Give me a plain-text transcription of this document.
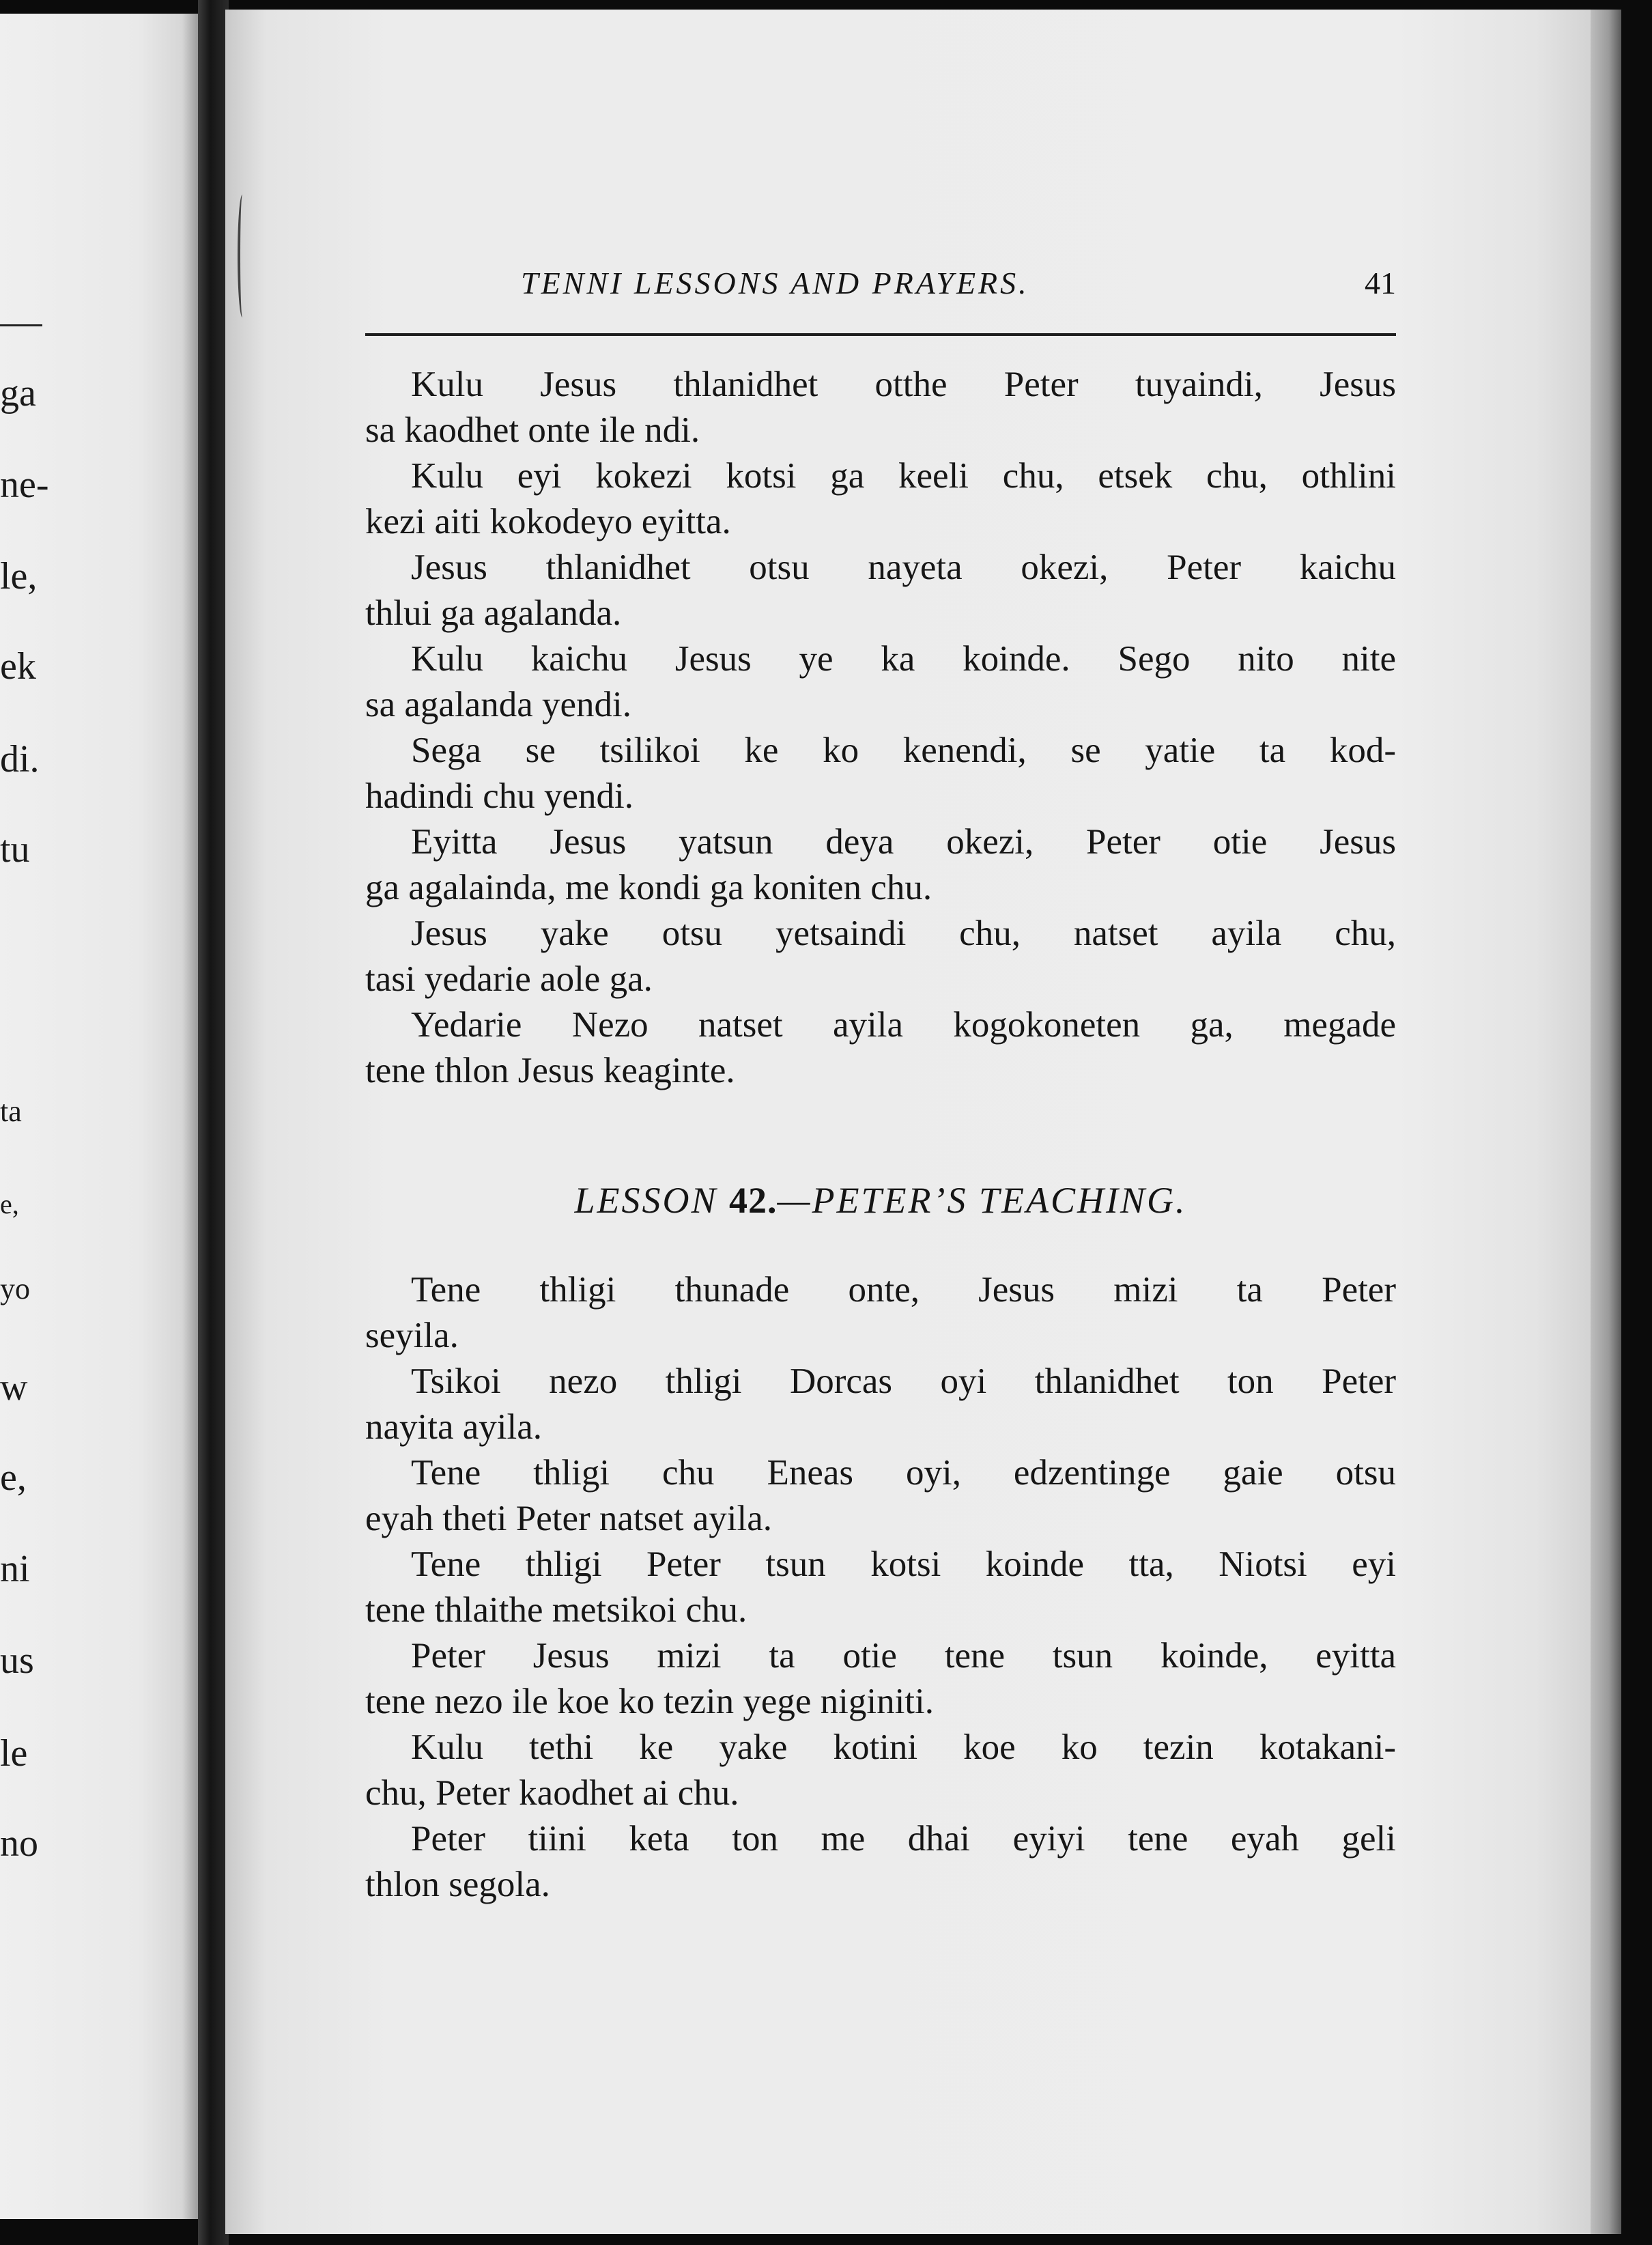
ga
ne-
le,
ek
di.
tu
ta
e,
yo
w
e,
ni
us
le
no
TENNI LESSONS AND PRAYERS.	41
Kulu Jesus thlanidhet otthe Peter tuyaindi, Jesus
sa kaodhet onte ile ndi.
Kulu eyi kokezi kotsi ga keeli chu, etsek chu, othlini
kezi aiti kokodeyo eyitta.
Jesus thlanidhet otsu nayeta okezi, Peter kaichu
thlui ga agalanda.
Kulu kaichu Jesus ye ka koinde. Sego nito nite
sa agalanda yendi.
Sega se tsilikoi ke ko kenendi, se yatie ta kod-
hadindi chu yendi.
Eyitta Jesus yatsun deya okezi, Peter otie Jesus
ga agalainda, me kondi ga koniten chu.
Jesus yake otsu yetsaindi chu, natset ayila chu,
tasi yedarie aole ga.
Yedarie Nezo natset ayila kogokoneten ga, megade
tene thlon Jesus keaginte.
LESSON 42.—PETER’S TEACHING.
Tene thligi thunade onte, Jesus mizi ta Peter
seyila.
Tsikoi nezo thligi Dorcas oyi thlanidhet ton Peter
nayita ayila.
Tene thligi chu Eneas oyi, edzentinge gaie otsu
eyah theti Peter natset ayila.
Tene thligi Peter tsun kotsi koinde tta, Niotsi eyi
tene thlaithe metsikoi chu.
Peter Jesus mizi ta otie tene tsun koinde, eyitta
tene nezo ile koe ko tezin yege niginiti.
Kulu tethi ke yake kotini koe ko tezin kotakani-
chu, Peter kaodhet ai chu.
Peter tiini keta ton me dhai eyiyi tene eyah geli
thlon segola.
